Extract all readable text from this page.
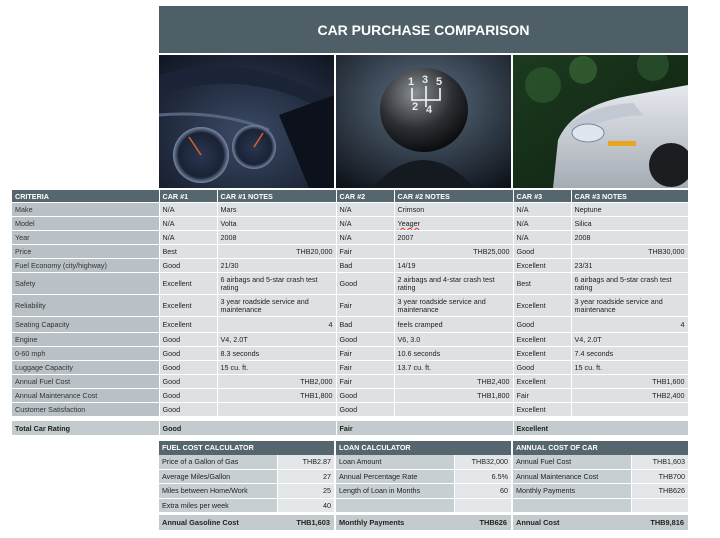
CAR PURCHASE COMPARISON
1 3 5
2 4
CRITERIA	CAR #1	CAR #1 NOTES	CAR #2	CAR #2 NOTES	CAR #3	CAR #3 NOTES
Make	N/A	Mars	N/A	Crimson	N/A	Neptune
Model	N/A	Volta	N/A	Yeager	N/A	Silica
Year	N/A	2008	N/A	2007	N/A	2008
Price	Best	THB20,000	Fair	THB25,000	Good	THB30,000
Fuel Economy (city/highway)	Good	21/30	Bad	14/19	Excellent	23/31
Safety	Excellent	6 airbags and 5-star crash test rating	Good	2 airbags and 4-star crash test rating	Best	6 airbags and 5-star crash test rating
Reliability	Excellent	3 year roadside service and maintenance	Fair	3 year roadside service and maintenance	Excellent	3 year roadside service and maintenance
Seating Capacity	Excellent	4	Bad	feels cramped	Good	4
Engine	Good	V4, 2.0T	Good	V6, 3.0	Excellent	V4, 2.0T
0-60 mph	Good	8.3 seconds	Fair	10.6 seconds	Excellent	7.4 seconds
Luggage Capacity	Good	15 cu. ft.	Fair	13.7 cu. ft.	Good	15 cu. ft.
Annual Fuel Cost	Good	THB2,000	Fair	THB2,400	Excellent	THB1,600
Annual Maintenance Cost	Good	THB1,800	Good	THB1,800	Fair	THB2,400
Customer Satisfaction	Good		Good		Excellent	

Total Car Rating	Good		Fair		Excellent	
FUEL COST CALCULATOR
Price of a Gallon of Gas	THB2.87
Average Miles/Gallon	27
Miles between Home/Work	25
Extra miles per week	40
Annual Gasoline Cost	THB1,603
LOAN CALCULATOR
Loan Amount	THB32,000
Annual Percentage Rate	6.5%
Length of Loan in Months	60

Monthly Payments	THB626
ANNUAL COST OF CAR
Annual Fuel Cost	THB1,603
Annual Maintenance Cost	THB700
Monthly Payments	THB626

Annual Cost	THB9,816
